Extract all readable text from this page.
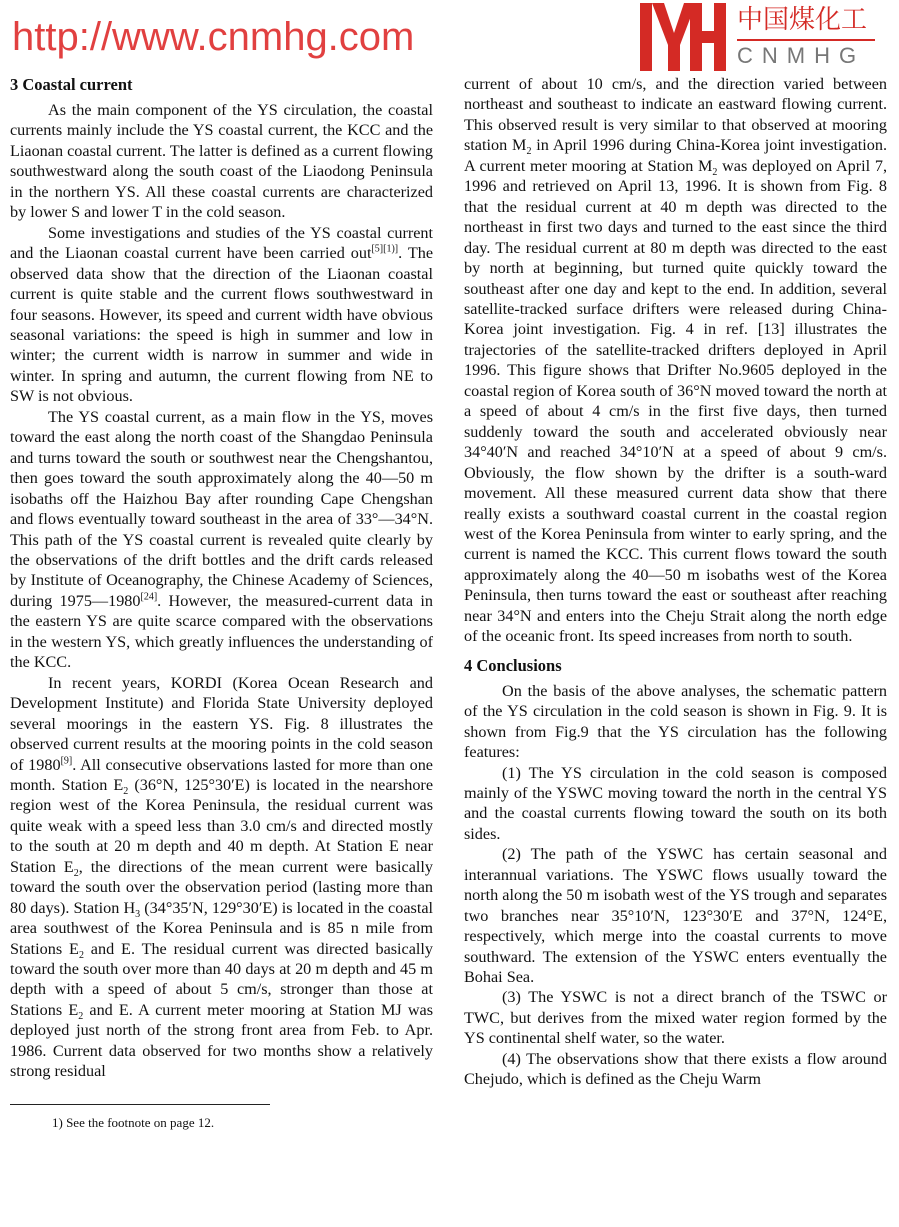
http://www.cnmhg.com	中国煤化工
CNMHG
3 Coastal current

As the main component of the YS circulation, the coastal currents mainly include the YS coastal current, the KCC and the Liaonan coastal current. The latter is defined as a current flowing southwestward along the south coast of the Liaodong Peninsula in the northern YS. All these coastal currents are characterized by lower S and lower T in the cold season.

Some investigations and studies of the YS coastal current and the Liaonan coastal current have been carried out[5][1)]. The observed data show that the direction of the Liaonan coastal current is quite stable and the current flows southwestward in four seasons. However, its speed and current width have obvious seasonal variations: the speed is high in summer and low in winter; the current width is narrow in summer and wide in winter. In spring and autumn, the current flowing from NE to SW is not obvious.

The YS coastal current, as a main flow in the YS, moves toward the east along the north coast of the Shangdao Peninsula and turns toward the south or southwest near the Chengshantou, then goes toward the south approximately along the 40—50 m isobaths off the Haizhou Bay after rounding Cape Chengshan and flows eventually toward southeast in the area of 33°—34°N. This path of the YS coastal current is revealed quite clearly by the observations of the drift bottles and the drift cards released by Institute of Oceanography, the Chinese Academy of Sciences, during 1975—1980[24]. However, the measured-current data in the eastern YS are quite scarce compared with the observations in the western YS, which greatly influences the understanding of the KCC.

In recent years, KORDI (Korea Ocean Research and Development Institute) and Florida State University deployed several moorings in the eastern YS. Fig. 8 illustrates the observed current results at the mooring points in the cold season of 1980[9]. All consecutive observations lasted for more than one month. Station $E_2$ (36°N, 125°30′E) is located in the nearshore region west of the Korea Peninsula, the residual current was quite weak with a speed less than 3.0 cm/s and directed mostly to the south at 20 m depth and 40 m depth. At Station E near Station $E_2$, the directions of the mean current were basically toward the south over the observation period (lasting more than 80 days). Station $H_3$ (34°35′N, 129°30′E) is located in the coastal area southwest of the Korea Peninsula and is 85 n mile from Stations $E_2$ and E. The residual current was directed basically toward the south over more than 40 days at 20 m depth and 45 m depth with a speed of about 5 cm/s, stronger than those at Stations $E_2$ and E. A current meter mooring at Station MJ was deployed just north of the strong front area from Feb. to Apr. 1986. Current data observed for two months show a relatively strong residual

current of about 10 cm/s, and the direction varied between northeast and southeast to indicate an eastward flowing current. This observed result is very similar to that observed at mooring station $M_2$ in April 1996 during China-Korea joint investigation. A current meter mooring at Station $M_2$ was deployed on April 7, 1996 and retrieved on April 13, 1996. It is shown from Fig. 8 that the residual current at 40 m depth was directed to the northeast in first two days and turned to the east since the third day. The residual current at 80 m depth was directed to the east by north at beginning, but turned quite quickly toward the southeast after one day and kept to the end. In addition, several satellite-tracked surface drifters were released during China-Korea joint investigation. Fig. 4 in ref. [13] illustrates the trajectories of the satellite-tracked drifters deployed in April 1996. This figure shows that Drifter No.9605 deployed in the coastal region of Korea south of 36°N moved toward the north at a speed of about 4 cm/s in the first five days, then turned suddenly toward the south and accelerated obviously near 34°40′N and reached 34°10′N at a speed of about 9 cm/s. Obviously, the flow shown by the drifter is a south-ward movement. All these measured current data show that there really exists a southward coastal current in the coastal region west of the Korea Peninsula from winter to early spring, and the current is named the KCC. This current flows toward the south approximately along the 40—50 m isobaths west of the Korea Peninsula, then turns toward the east or southeast after reaching near 34°N and enters into the Cheju Strait along the north edge of the oceanic front. Its speed increases from north to south.

4 Conclusions

On the basis of the above analyses, the schematic pattern of the YS circulation in the cold season is shown in Fig. 9. It is shown from Fig.9 that the YS circulation has the following features:

(1) The YS circulation in the cold season is composed mainly of the YSWC moving toward the north in the central YS and the coastal currents flowing toward the south on its both sides.

(2) The path of the YSWC has certain seasonal and interannual variations. The YSWC flows usually toward the north along the 50 m isobath west of the YS trough and separates two branches near 35°10′N, 123°30′E and 37°N, 124°E, respectively, which merge into the coastal currents to move southward. The extension of the YSWC enters eventually the Bohai Sea.

(3) The YSWC is not a direct branch of the TSWC or TWC, but derives from the mixed water region formed by the YS continental shelf water, so the water.

(4) The observations show that there exists a flow around Chejudo, which is defined as the Cheju Warm

1) See the footnote on page 12.
